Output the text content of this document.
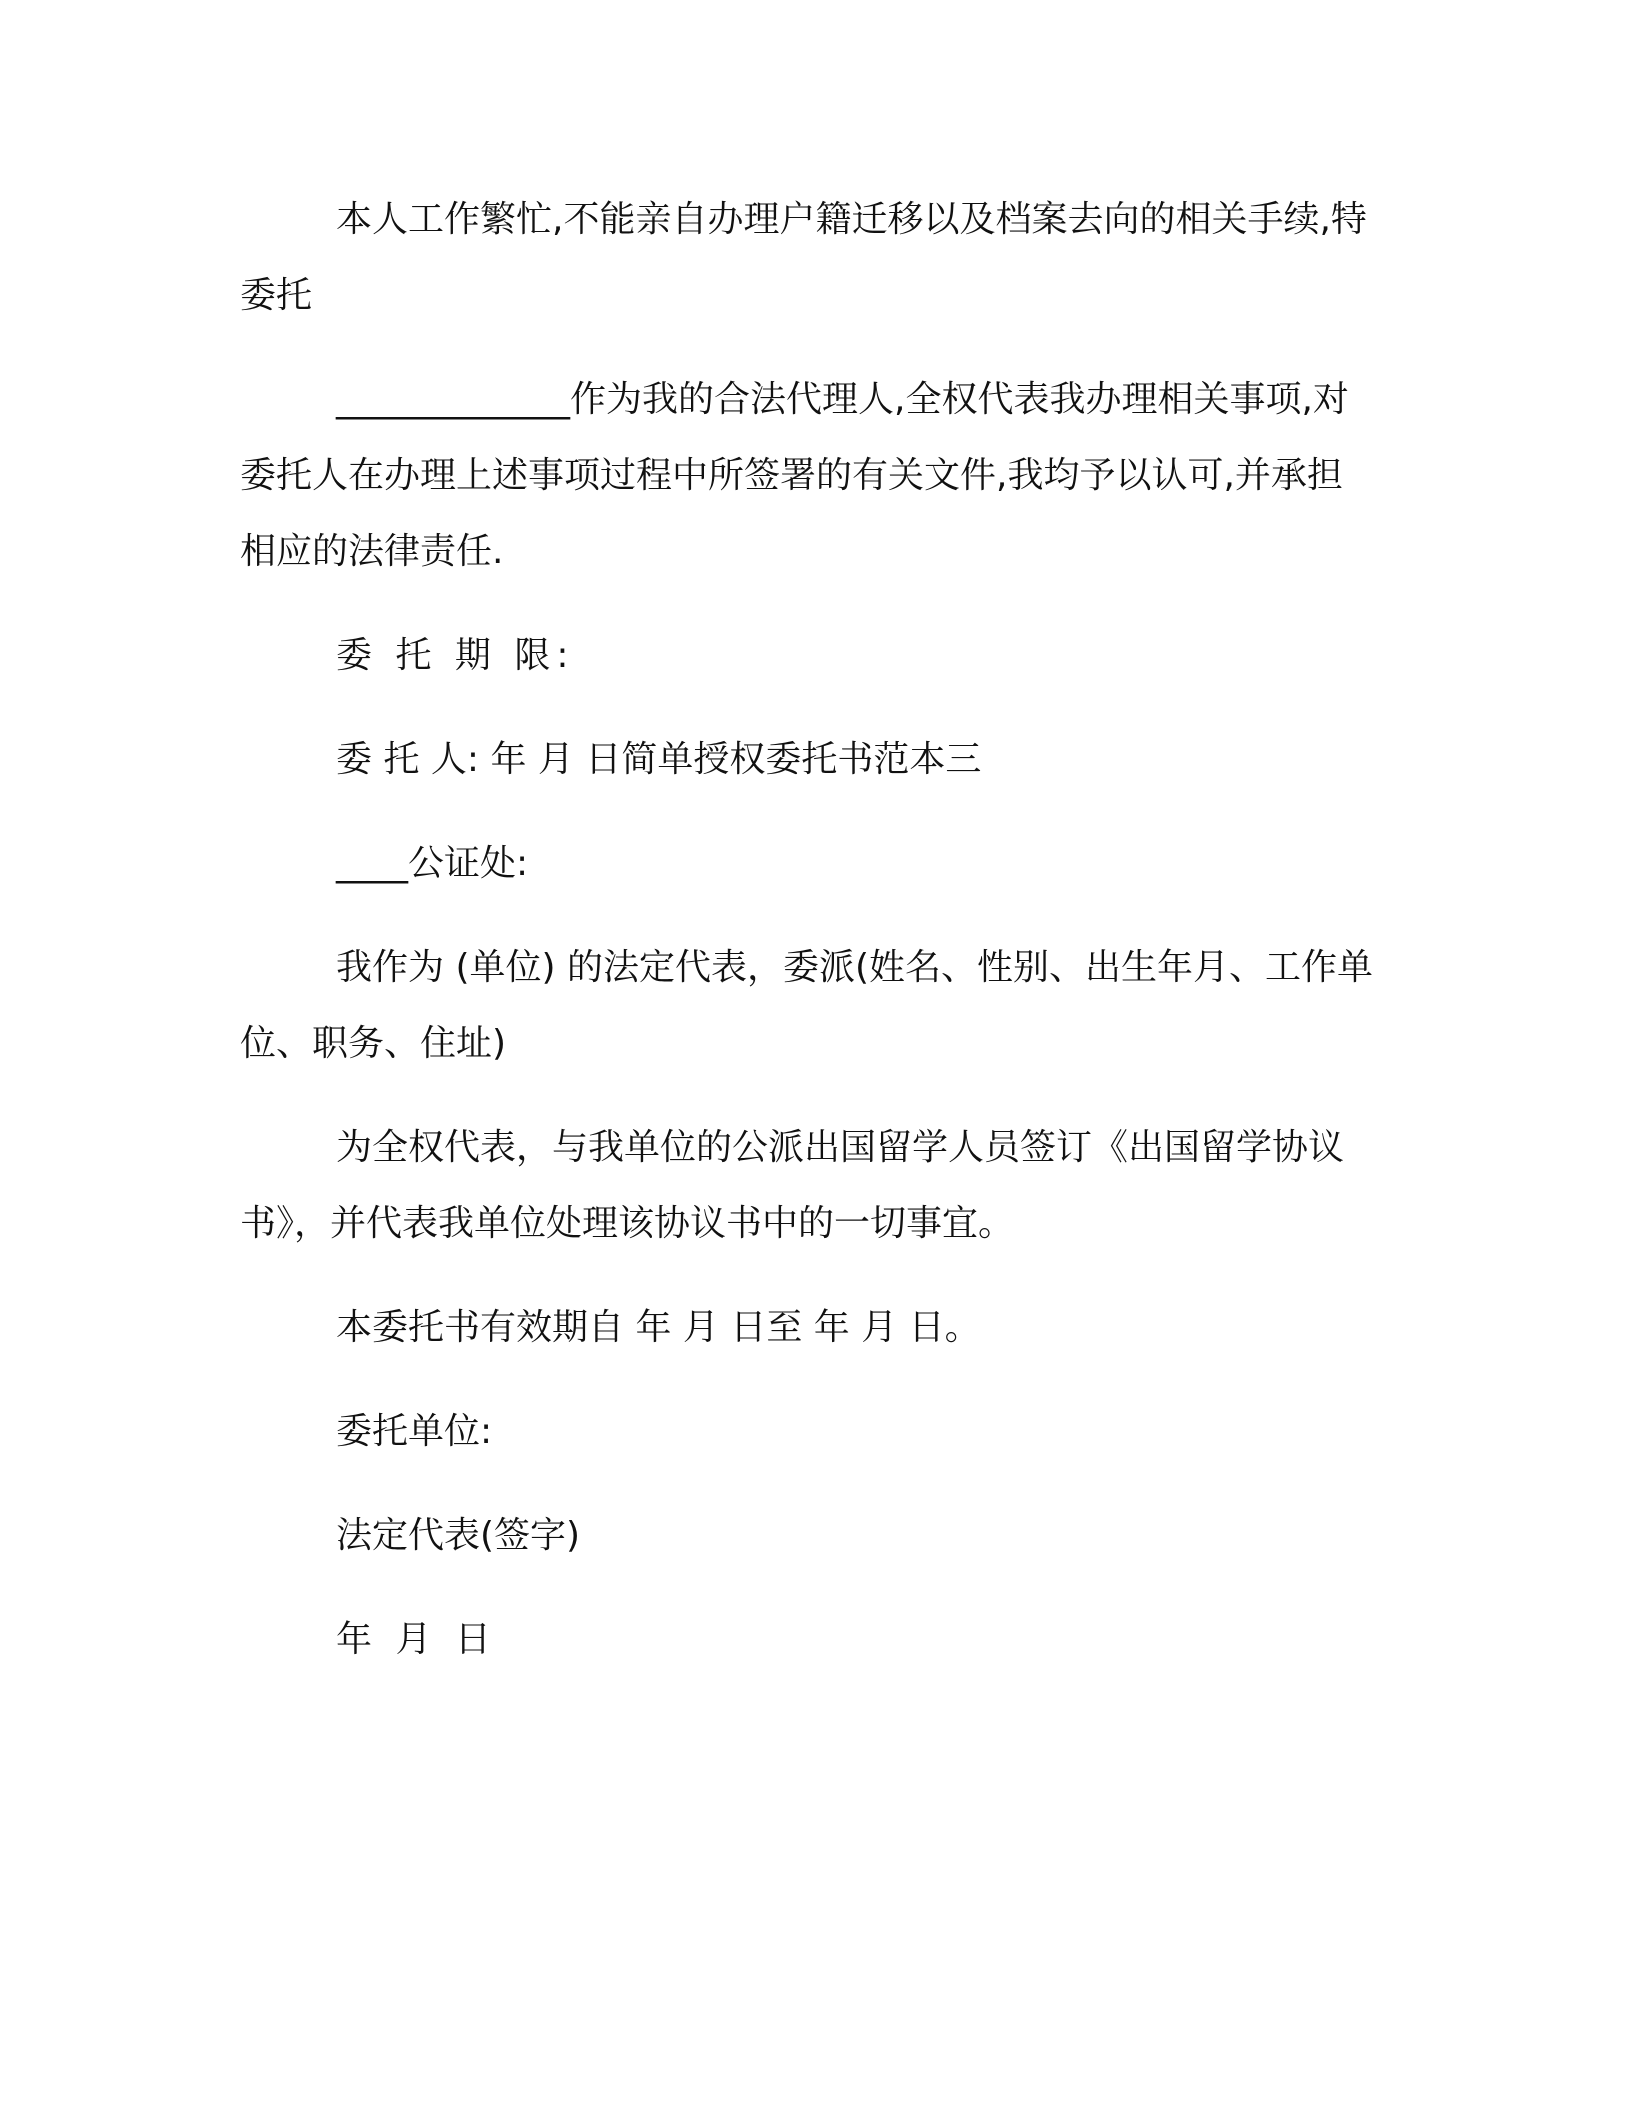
本人工作繁忙,不能亲自办理户籍迁移以及档案去向的相关手续,特委托

_____________作为我的合法代理人,全权代表我办理相关事项,对委托人在办理上述事项过程中所签署的有关文件,我均予以认可,并承担相应的法律责任.

委 托 期 限:

委 托 人: 年 月 日简单授权委托书范本三

____公证处:

我作为 (单位) 的法定代表，委派(姓名、性别、出生年月、工作单位、职务、住址)

为全权代表，与我单位的公派出国留学人员签订《出国留学协议书》，并代表我单位处理该协议书中的一切事宜。

本委托书有效期自 年 月 日至 年 月 日。

委托单位:

法定代表(签字)

年 月 日
